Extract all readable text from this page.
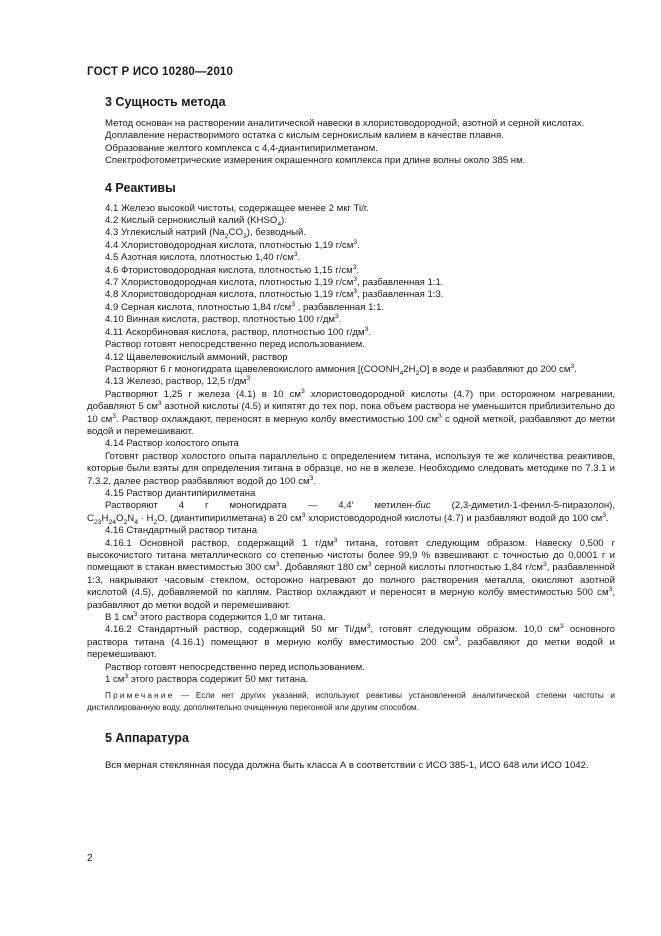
ГОСТ Р ИСО 10280—2010
3 Сущность метода

Метод основан на растворении аналитической навески в хлористоводородной, азотной и серной кислотах.

Доплавление нерастворимого остатка с кислым сернокислым калием в качестве плавня.

Образование желтого комплекса с 4,4-диантипирилметаном.

Спектрофотометрические измерения окрашенного комплекса при длине волны около 385 нм.

4 Реактивы

4.1 Железо высокой чистоты, содержащее менее 2 мкг Ti/г.

4.2 Кислый сернокислый калий $(KHSO_4)$.

4.3 Углекислый натрий $(Na_2CO_3)$, безводный.

4.4 Хлористоводородная кислота, плотностью 1,19 $г/см^3$.

4.5 Азотная кислота, плотностью 1,40 $г/см^3$.

4.6 Фтористоводородная кислота, плотностью 1,15 $г/см^3$.

4.7 Хлористоводородная кислота, плотностью 1,19 $г/см^3$, разбавленная 1:1.

4.8 Хлористоводородная кислота, плотностью 1,19 $г/см^3$, разбавленная 1:3.

4.9 Серная кислота, плотностью 1,84 $г/см^3$ , разбавленная 1:1.

4.10 Винная кислота, раствор, плотностью 100 $г/дм^3$.

4.11 Аскорбиновая кислота, раствор, плотностью 100 $г/дм^3$.

Раствор готовят непосредственно перед использованием.

4.12 Щавелевокислый аммоний, раствор

Растворяют 6 г моногидрата щавелевокислого аммония [$(COONH_42H_2O]$ в воде и разбавляют до 200 $см^3$.

4.13 Железо, раствор, 12,5 $г/дм^3$

Растворяют 1,25 г железа (4.1) в 10 $см^3$ хлористоводородной кислоты (4.7) при осторожном нагревании, добавляют 5 $см^3$ азотной кислоты (4.5) и кипятят до тех пор, пока объем раствора не уменьшится приблизительно до 10 $см^3$. Раствор охлаждают, переносят в мерную колбу вместимостью 100 $см^3$ с одной меткой, разбавляют до метки водой и перемешивают.

4.14 Раствор холостого опыта

Готовят раствор холостого опыта параллельно с определением титана, используя те же количества реактивов, которые были взяты для определения титана в образце, но не в железе. Необходимо следовать методике по 7.3.1 и 7.3.2, далее раствор разбавляют водой до 100 $см^3$.

4.15 Раствор диантипирилметана

Растворяют 4 г моногидрата — 4,4′ метилен-бис (2,3-диметил-1-фенил-5-пиразолон),

$C_{23}H_{24}O_2N_4 \cdot H_2O$, (диантипирилметана) в 20 $см^3$ хлористоводородной кислоты (4.7) и разбавляют водой до 100 $см^3$.

4.16 Стандартный раствор титана

4.16.1 Основной раствор, содержащий 1 $г/дм^3$ титана, готовят следующим образом. Навеску 0,500 г высокочистого титана металлического со степенью чистоты более 99,9 % взвешивают с точностью до 0,0001 г и помещают в стакан вместимостью 300 $см^3$. Добавляют 180 $см^3$ серной кислоты плотностью 1,84 $г/см^3$, разбавленной 1:3, накрывают часовым стеклом, осторожно нагревают до полного растворения металла, окисляют азотной кислотой (4.5), добавляемой по каплям. Раствор охлаждают и переносят в мерную колбу вместимостью 500 $см^3$, разбавляют до метки водой и перемешивают.

В 1 $см^3$ этого раствора содержится 1,0 мг титана.

4.16.2 Стандартный раствор, содержащий 50 мг $Ti/дм^3$, готовят следующим образом. 10,0 $см^3$ основного раствора титана (4.16.1) помещают в мерную колбу вместимостью 200 $см^3$, разбавляют до метки водой и перемешивают.

Раствор готовят непосредственно перед использованием.

1 $см^3$ этого раствора содержит 50 мкг титана.

Примечание — Если нет других указаний, используют реактивы установленной аналитической степени чистоты и дистиллированную воду, дополнительно очищенную перегонкой или другим способом.

5 Аппаратура

Вся мерная стеклянная посуда должна быть класса А в соответствии с ИСО 385-1, ИСО 648 или ИСО 1042.

2
